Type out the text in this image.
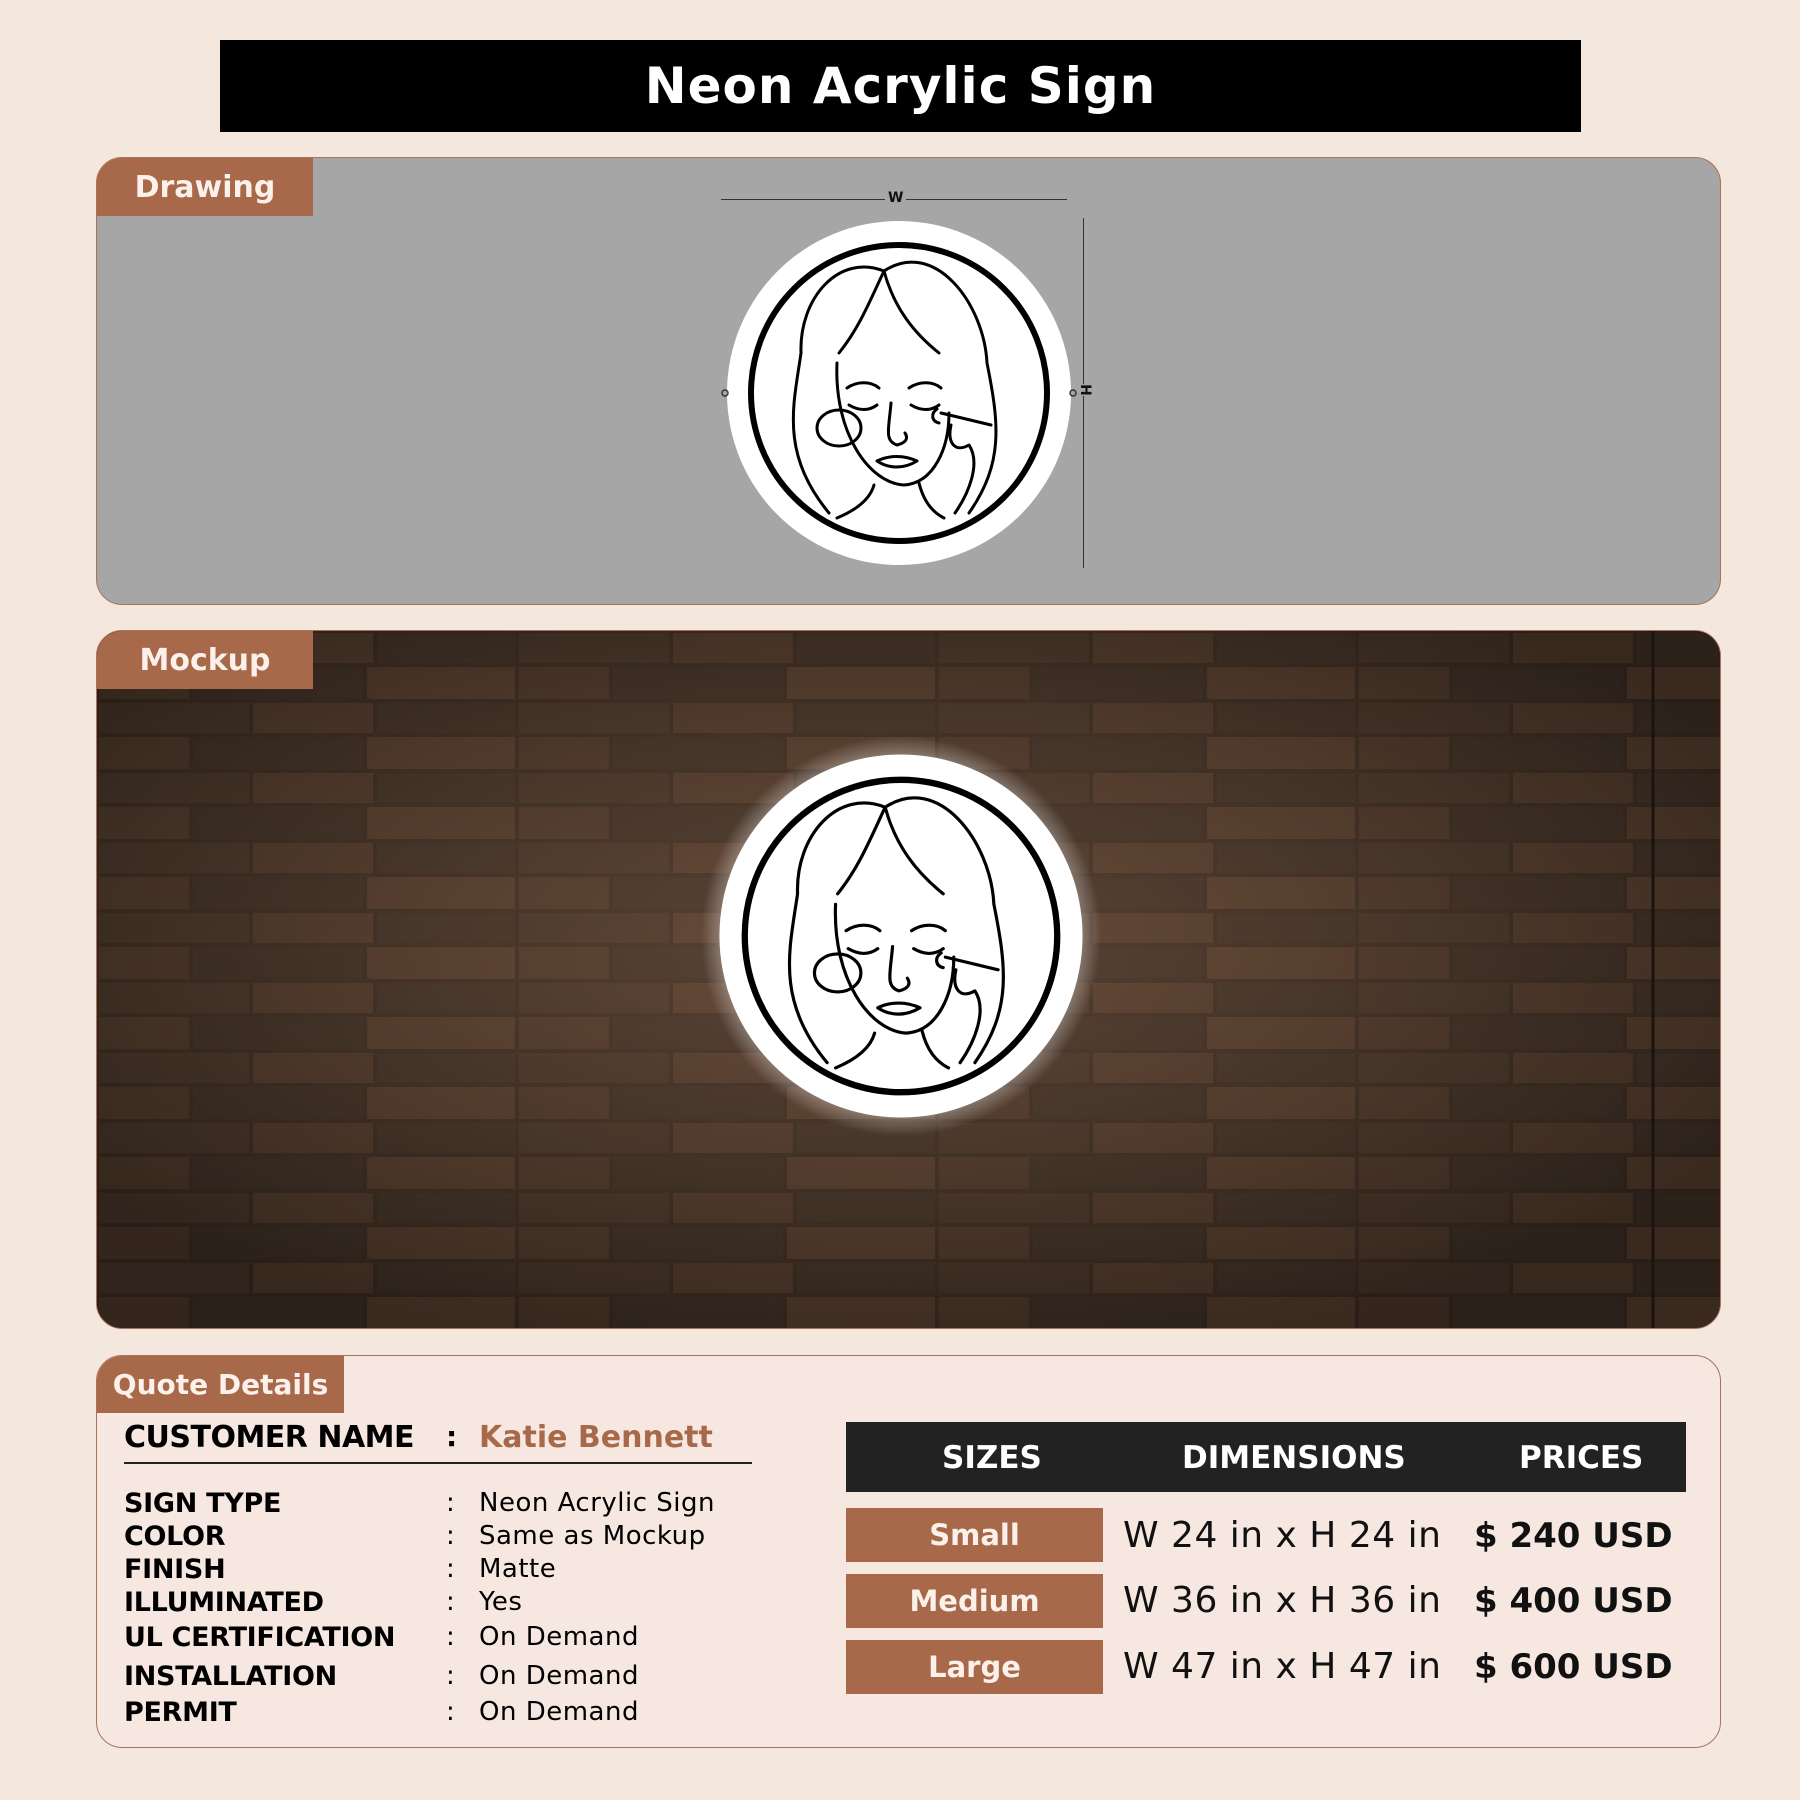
Neon Acrylic Sign
Drawing	W
H
Mockup
Quote Details
CUSTOMER NAME : Katie Bennett
SIGN TYPE	: Neon Acrylic Sign
COLOR	: Same as Mockup
FINISH	: Matte
ILLUMINATED	: Yes
UL CERTIFICATION : On Demand
INSTALLATION	: On Demand
PERMIT	: On Demand
SIZES	DIMENSIONS	PRICES
Small	W 24 in x H 24 in $ 240 USD
Medium	W 36 in x H 36 in $ 400 USD
Large	W 47 in x H 47 in $ 600 USD
